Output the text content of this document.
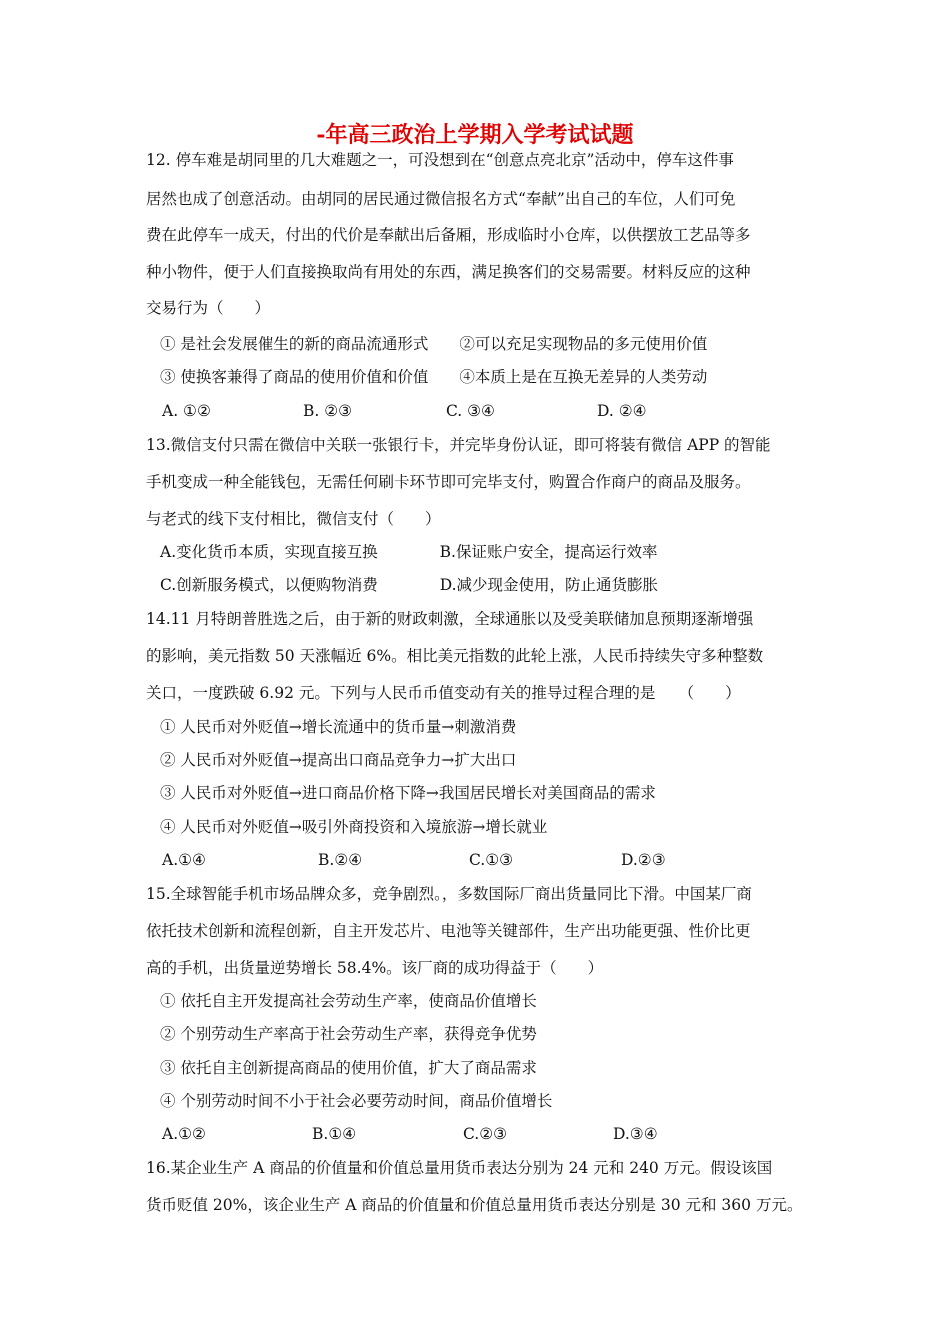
-年高三政治上学期入学考试试题
12. 停车难是胡同里的几大难题之一，可没想到在“创意点亮北京”活动中，停车这件事
居然也成了创意活动。由胡同的居民通过微信报名方式“奉献”出自己的车位，人们可免
费在此停车一成天，付出的代价是奉献出后备厢，形成临时小仓库，以供摆放工艺品等多
种小物件，便于人们直接换取尚有用处的东西，满足换客们的交易需要。材料反应的这种
交易行为（　　）
① 是社会发展催生的新的商品流通形式　　②可以充足实现物品的多元使用价值
③ 使换客兼得了商品的使用价值和价值　　④本质上是在互换无差异的人类劳动
A. ①②	B. ②③	C. ③④	D. ②④
13.微信支付只需在微信中关联一张银行卡，并完毕身份认证，即可将装有微信 APP 的智能
手机变成一种全能钱包，无需任何刷卡环节即可完毕支付，购置合作商户的商品及服务。
与老式的线下支付相比，微信支付（　　）
A.变化货币本质，实现直接互换　　　　B.保证账户安全，提高运行效率
C.创新服务模式，以便购物消费　　　　D.减少现金使用，防止通货膨胀
14.11 月特朗普胜选之后，由于新的财政刺激，全球通胀以及受美联储加息预期逐渐增强
的影响，美元指数 50 天涨幅近 6%。相比美元指数的此轮上涨，人民币持续失守多种整数
关口，一度跌破 6.92 元。下列与人民币币值变动有关的推导过程合理的是　　（　　）
① 人民币对外贬值→增长流通中的货币量→刺激消费
② 人民币对外贬值→提高出口商品竞争力→扩大出口
③ 人民币对外贬值→进口商品价格下降→我国居民增长对美国商品的需求
④ 人民币对外贬值→吸引外商投资和入境旅游→增长就业
A.①④	B.②④	C.①③	D.②③
15.全球智能手机市场品牌众多，竞争剧烈。，多数国际厂商出货量同比下滑。中国某厂商
依托技术创新和流程创新，自主开发芯片、电池等关键部件，生产出功能更强、性价比更
高的手机，出货量逆势增长 58.4%。该厂商的成功得益于（　　）
① 依托自主开发提高社会劳动生产率，使商品价值增长
② 个别劳动生产率高于社会劳动生产率，获得竞争优势
③ 依托自主创新提高商品的使用价值，扩大了商品需求
④ 个别劳动时间不小于社会必要劳动时间，商品价值增长
A.①②	B.①④	C.②③	D.③④
16.某企业生产 A 商品的价值量和价值总量用货币表达分别为 24 元和 240 万元。假设该国
货币贬值 20%，该企业生产 A 商品的价值量和价值总量用货币表达分别是 30 元和 360 万元。
